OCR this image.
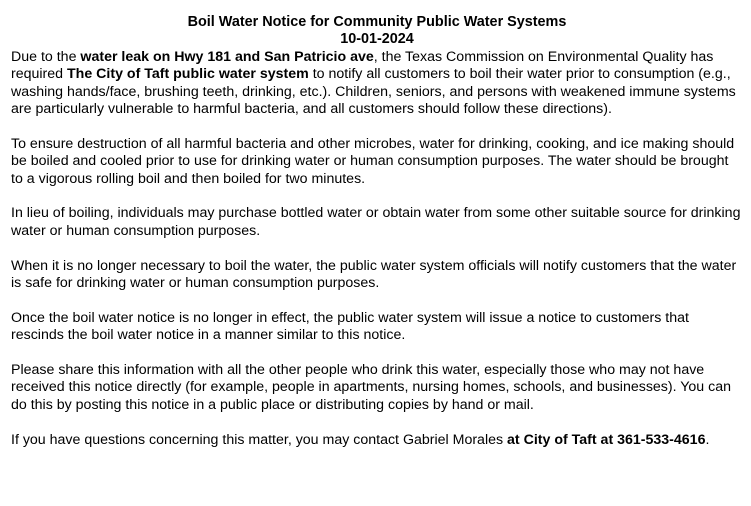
Boil Water Notice for Community Public Water Systems
10-01-2024

Due to the water leak on Hwy 181 and San Patricio ave, the Texas Commission on Environmental Quality has required The City of Taft public water system to notify all customers to boil their water prior to consumption (e.g., washing hands/face, brushing teeth, drinking, etc.). Children, seniors, and persons with weakened immune systems are particularly vulnerable to harmful bacteria, and all customers should follow these directions).

To ensure destruction of all harmful bacteria and other microbes, water for drinking, cooking, and ice making should be boiled and cooled prior to use for drinking water or human consumption purposes. The water should be brought to a vigorous rolling boil and then boiled for two minutes.

In lieu of boiling, individuals may purchase bottled water or obtain water from some other suitable source for drinking water or human consumption purposes.

When it is no longer necessary to boil the water, the public water system officials will notify customers that the water is safe for drinking water or human consumption purposes.

Once the boil water notice is no longer in effect, the public water system will issue a notice to customers that rescinds the boil water notice in a manner similar to this notice.

Please share this information with all the other people who drink this water, especially those who may not have received this notice directly (for example, people in apartments, nursing homes, schools, and businesses). You can do this by posting this notice in a public place or distributing copies by hand or mail.

If you have questions concerning this matter, you may contact Gabriel Morales at City of Taft at 361-533-4616.
